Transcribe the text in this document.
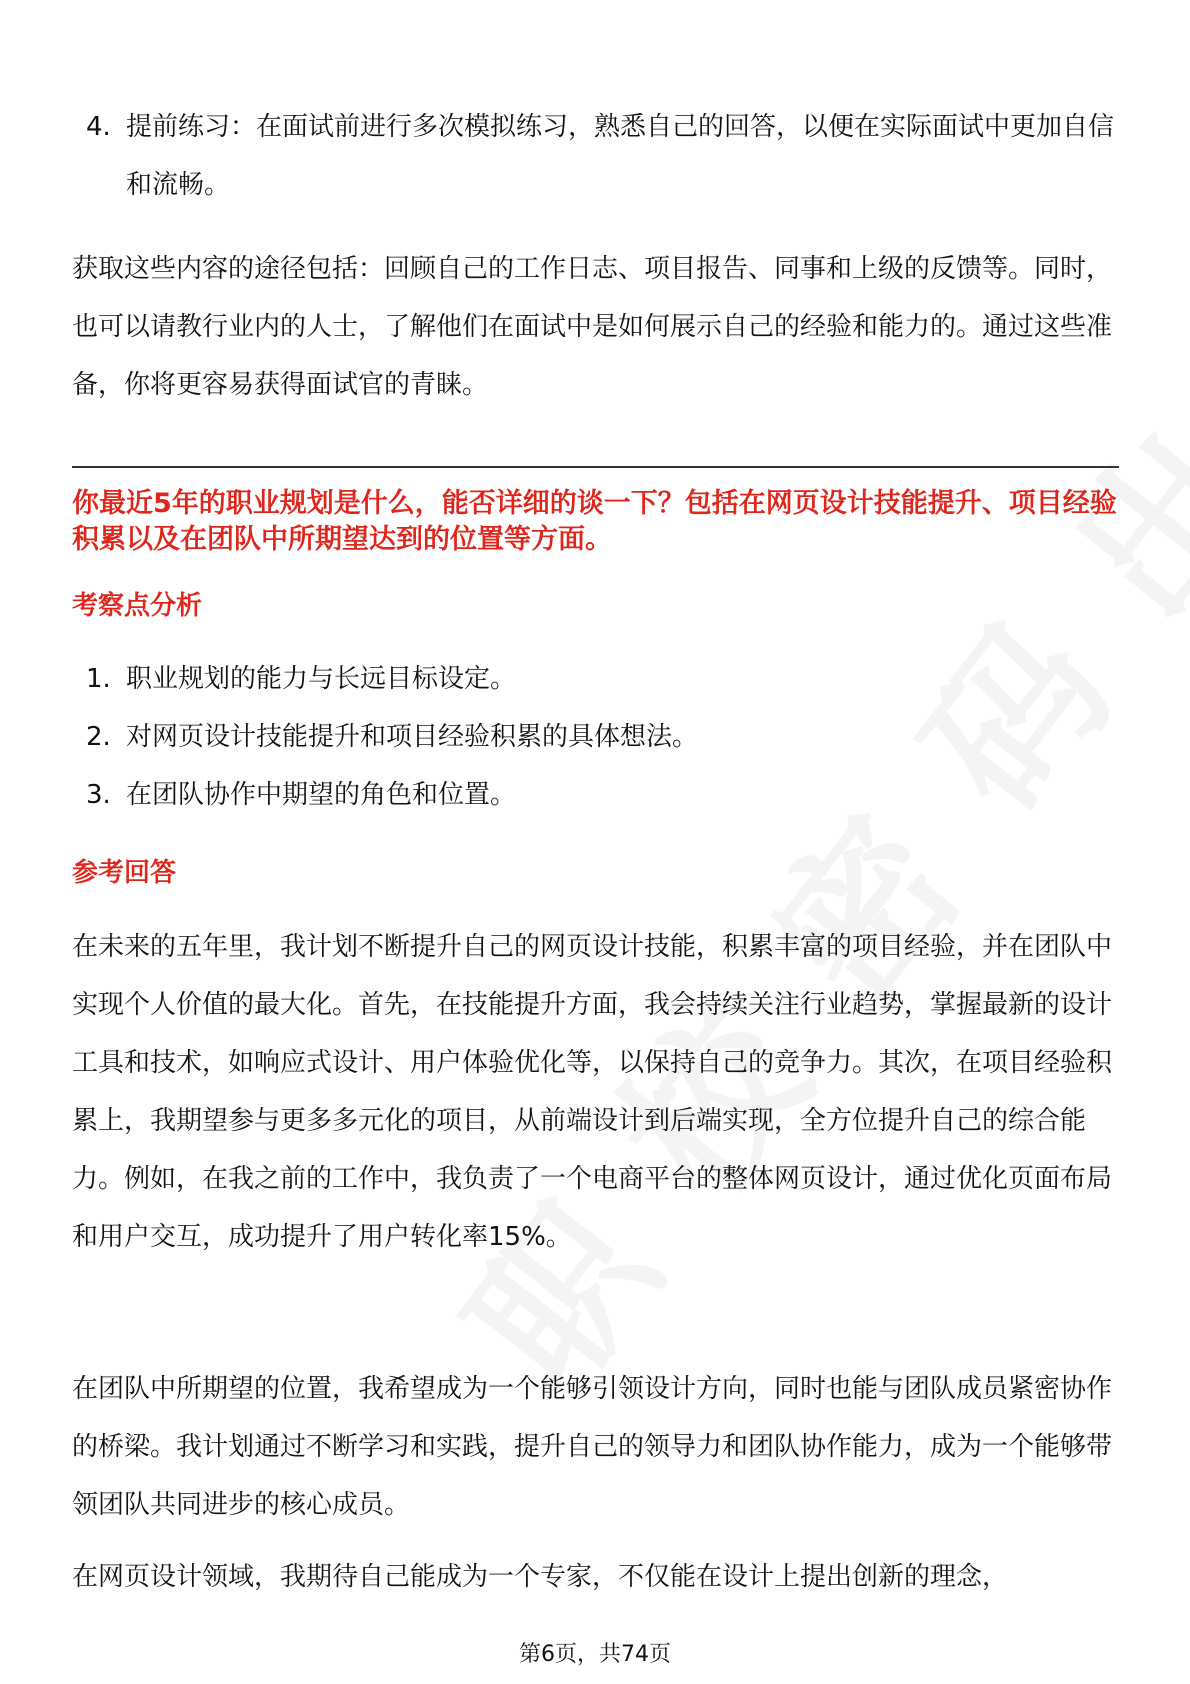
4. 提前练习：在面试前进行多次模拟练习，熟悉自己的回答，以便在实际面试中更加自信和流畅。

获取这些内容的途径包括：回顾自己的工作日志、项目报告、同事和上级的反馈等。同时，也可以请教行业内的人士，了解他们在面试中是如何展示自己的经验和能力的。通过这些准备，你将更容易获得面试官的青睐。

你最近5年的职业规划是什么，能否详细的谈一下？包括在网页设计技能提升、项目经验积累以及在团队中所期望达到的位置等方面。

考察点分析
1. 职业规划的能力与长远目标设定。
2. 对网页设计技能提升和项目经验积累的具体想法。
3. 在团队协作中期望的角色和位置。
参考回答

在未来的五年里，我计划不断提升自己的网页设计技能，积累丰富的项目经验，并在团队中实现个人价值的最大化。首先，在技能提升方面，我会持续关注行业趋势，掌握最新的设计工具和技术，如响应式设计、用户体验优化等，以保持自己的竞争力。其次，在项目经验积累上，我期望参与更多多元化的项目，从前端设计到后端实现，全方位提升自己的综合能力。例如，在我之前的工作中，我负责了一个电商平台的整体网页设计，通过优化页面布局和用户交互，成功提升了用户转化率15%。

在团队中所期望的位置，我希望成为一个能够引领设计方向，同时也能与团队成员紧密协作的桥梁。我计划通过不断学习和实践，提升自己的领导力和团队协作能力，成为一个能够带领团队共同进步的核心成员。

在网页设计领域，我期待自己能成为一个专家，不仅能在设计上提出创新的理念，

第6页，共74页
